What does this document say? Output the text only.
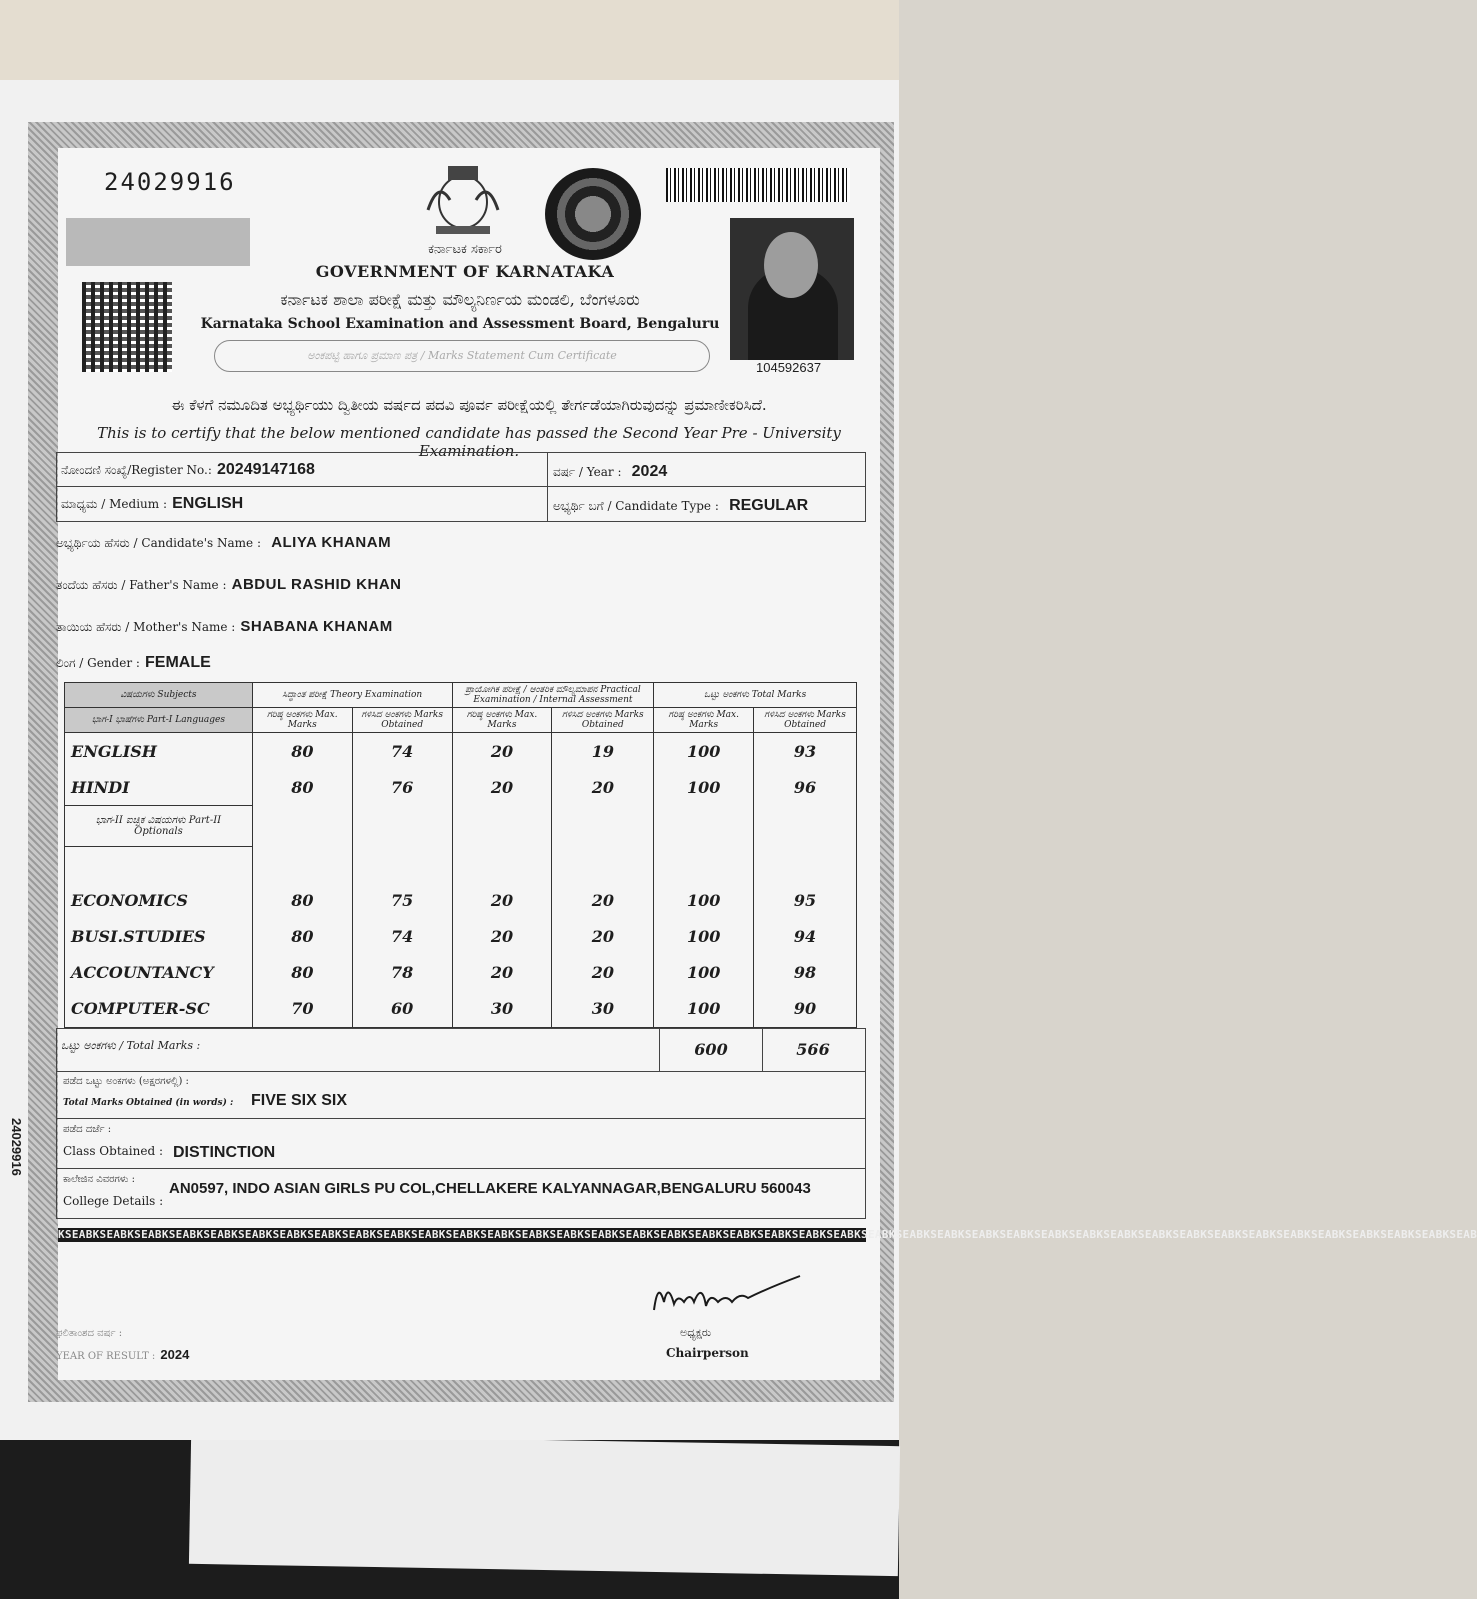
24029916
104592637
ಕರ್ನಾಟಕ ಸರ್ಕಾರ
GOVERNMENT OF KARNATAKA
ಕರ್ನಾಟಕ ಶಾಲಾ ಪರೀಕ್ಷೆ ಮತ್ತು ಮೌಲ್ಯನಿರ್ಣಯ ಮಂಡಲಿ, ಬೆಂಗಳೂರು
Karnataka School Examination and Assessment Board, Bengaluru
ಅಂಕಪಟ್ಟಿ ಹಾಗೂ ಪ್ರಮಾಣ ಪತ್ರ / Marks Statement Cum Certificate
ಈ ಕೆಳಗೆ ನಮೂದಿತ ಅಭ್ಯರ್ಥಿಯು ದ್ವಿತೀಯ ವರ್ಷದ ಪದವಿ ಪೂರ್ವ ಪರೀಕ್ಷೆಯಲ್ಲಿ ತೇರ್ಗಡೆಯಾಗಿರುವುದನ್ನು ಪ್ರಮಾಣೀಕರಿಸಿದೆ.
This is to certify that the below mentioned candidate has passed the Second Year Pre - University Examination.
ನೋಂದಣಿ ಸಂಖ್ಯೆ/Register No.: 20249147168	ವರ್ಷ / Year : 2024
ಮಾಧ್ಯಮ / Medium : ENGLISH	ಅಭ್ಯರ್ಥಿ ಬಗೆ / Candidate Type : REGULAR
ಅಭ್ಯರ್ಥಿಯ ಹೆಸರು / Candidate's Name : ALIYA KHANAM
ತಂದೆಯ ಹೆಸರು / Father's Name : ABDUL RASHID KHAN
ತಾಯಿಯ ಹೆಸರು / Mother's Name : SHABANA KHANAM
ಲಿಂಗ / Gender : FEMALE
ವಿಷಯಗಳು Subjects	ಸಿದ್ಧಾಂತ ಪರೀಕ್ಷೆ Theory Examination		ಪ್ರಾಯೋಗಿಕ ಪರೀಕ್ಷೆ / ಆಂತರಿಕ ಮೌಲ್ಯಮಾಪನ Practical Examination / Internal Assessment		ಒಟ್ಟು ಅಂಕಗಳು Total Marks	
ಭಾಗ-I ಭಾಷೆಗಳು Part-I Languages	ಗರಿಷ್ಠ ಅಂಕಗಳು Max. Marks	ಗಳಿಸಿದ ಅಂಕಗಳು Marks Obtained	ಗರಿಷ್ಠ ಅಂಕಗಳು Max. Marks	ಗಳಿಸಿದ ಅಂಕಗಳು Marks Obtained	ಗರಿಷ್ಠ ಅಂಕಗಳು Max. Marks	ಗಳಿಸಿದ ಅಂಕಗಳು Marks Obtained
ENGLISH	80	74	20	19	100	93
HINDI	80	76	20	20	100	96
ಭಾಗ-II ಐಚ್ಛಿಕ ವಿಷಯಗಳು Part-II Optionals						

ECONOMICS	80	75	20	20	100	95
BUSI.STUDIES	80	74	20	20	100	94
ACCOUNTANCY	80	78	20	20	100	98
COMPUTER-SC	70	60	30	30	100	90
ಒಟ್ಟು ಅಂಕಗಳು / Total Marks :	600	566
ಪಡೆದ ಒಟ್ಟು ಅಂಕಗಳು (ಅಕ್ಷರಗಳಲ್ಲಿ) :
Total Marks Obtained (in words) : FIVE SIX SIX
ಪಡೆದ ದರ್ಜೆ :
Class Obtained : DISTINCTION
ಕಾಲೇಜಿನ ವಿವರಗಳು :
College Details :
AN0597, INDO ASIAN GIRLS PU COL,CHELLAKERE KALYANNAGAR,BENGALURU 560043
KSEABKSEABKSEABKSEABKSEABKSEABKSEABKSEABKSEABKSEABKSEABKSEABKSEABKSEABKSEABKSEABKSEABKSEABKSEABKSEABKSEABKSEABKSEABKSEABKSEABKSEABKSEABKSEABKSEABKSEABKSEABKSEABKSEABKSEABKSEABKSEABKSEABKSEABKSEABKSEABKSEAB
24029916
ಅಧ್ಯಕ್ಷರು
Chairperson
ಫಲಿತಾಂಶದ ವರ್ಷ :
YEAR OF RESULT : 2024
